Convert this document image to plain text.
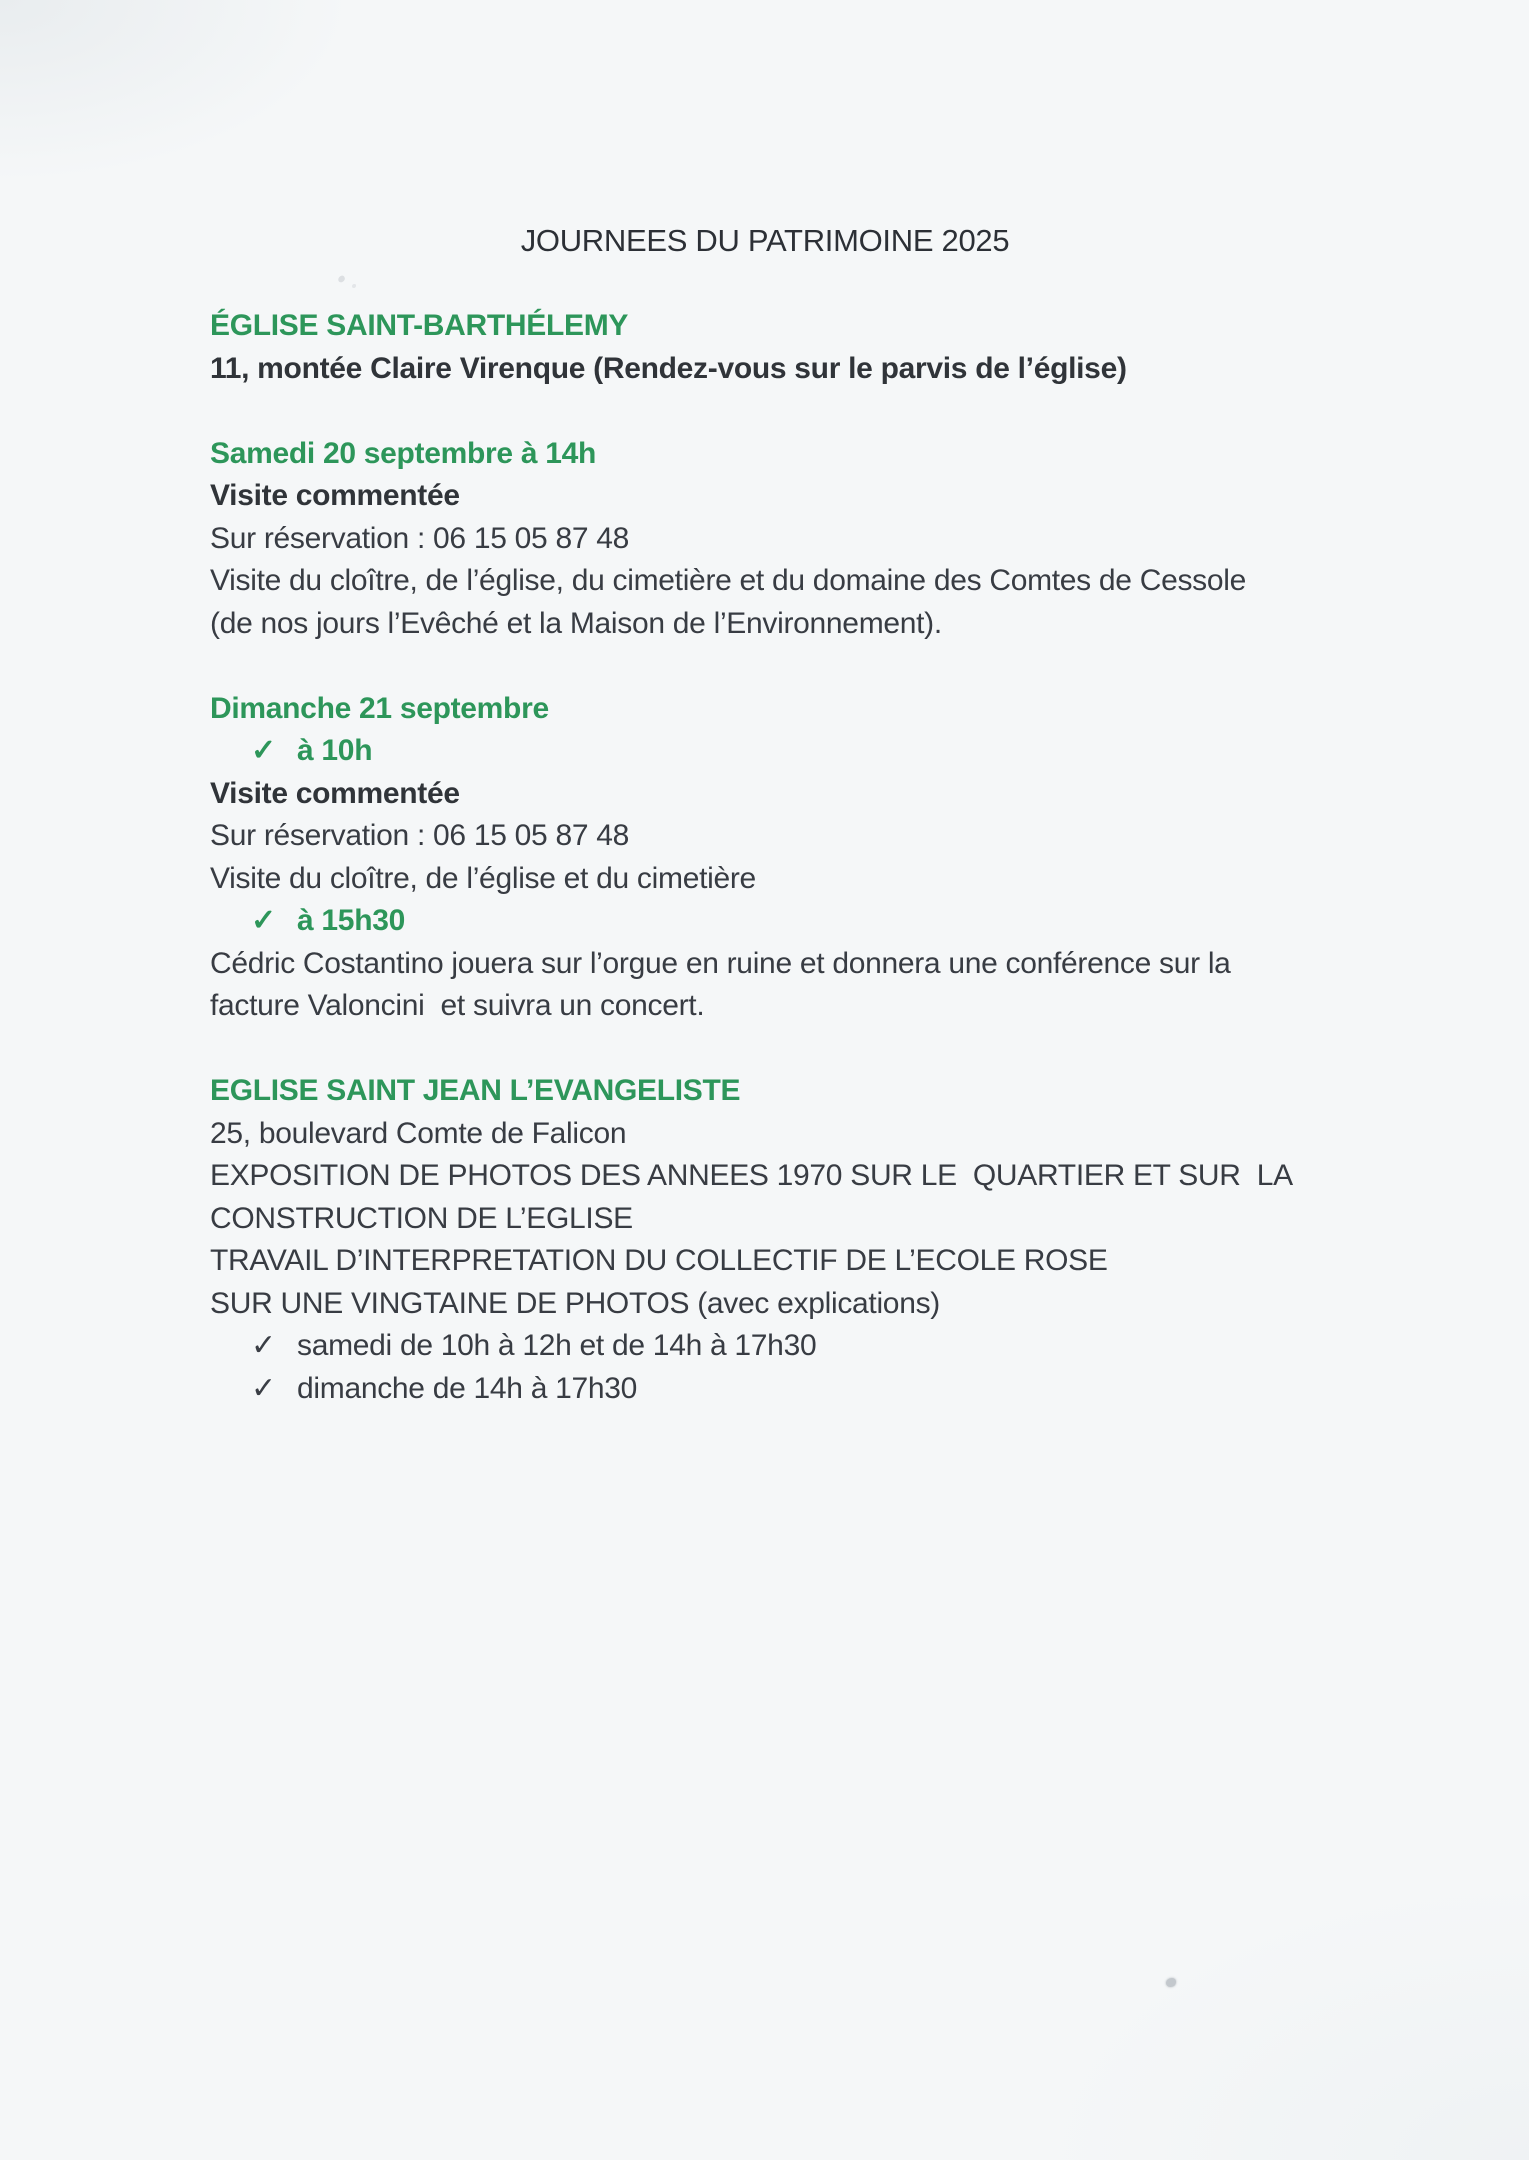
JOURNEES DU PATRIMOINE 2025
ÉGLISE SAINT-BARTHÉLEMY
11, montée Claire Virenque (Rendez-vous sur le parvis de l’église)
Samedi 20 septembre à 14h
Visite commentée
Sur réservation : 06 15 05 87 48
Visite du cloître, de l’église, du cimetière et du domaine des Comtes de Cessole
(de nos jours l’Evêché et la Maison de l’Environnement).
Dimanche 21 septembre
✓ à 10h
Visite commentée
Sur réservation : 06 15 05 87 48
Visite du cloître, de l’église et du cimetière
✓ à 15h30
Cédric Costantino jouera sur l’orgue en ruine et donnera une conférence sur la
facture Valoncini  et suivra un concert.
EGLISE SAINT JEAN L’EVANGELISTE
25, boulevard Comte de Falicon
EXPOSITION DE PHOTOS DES ANNEES 1970 SUR LE  QUARTIER ET SUR  LA
CONSTRUCTION DE L’EGLISE
TRAVAIL D’INTERPRETATION DU COLLECTIF DE L’ECOLE ROSE
SUR UNE VINGTAINE DE PHOTOS (avec explications)
✓ samedi de 10h à 12h et de 14h à 17h30
✓ dimanche de 14h à 17h30
